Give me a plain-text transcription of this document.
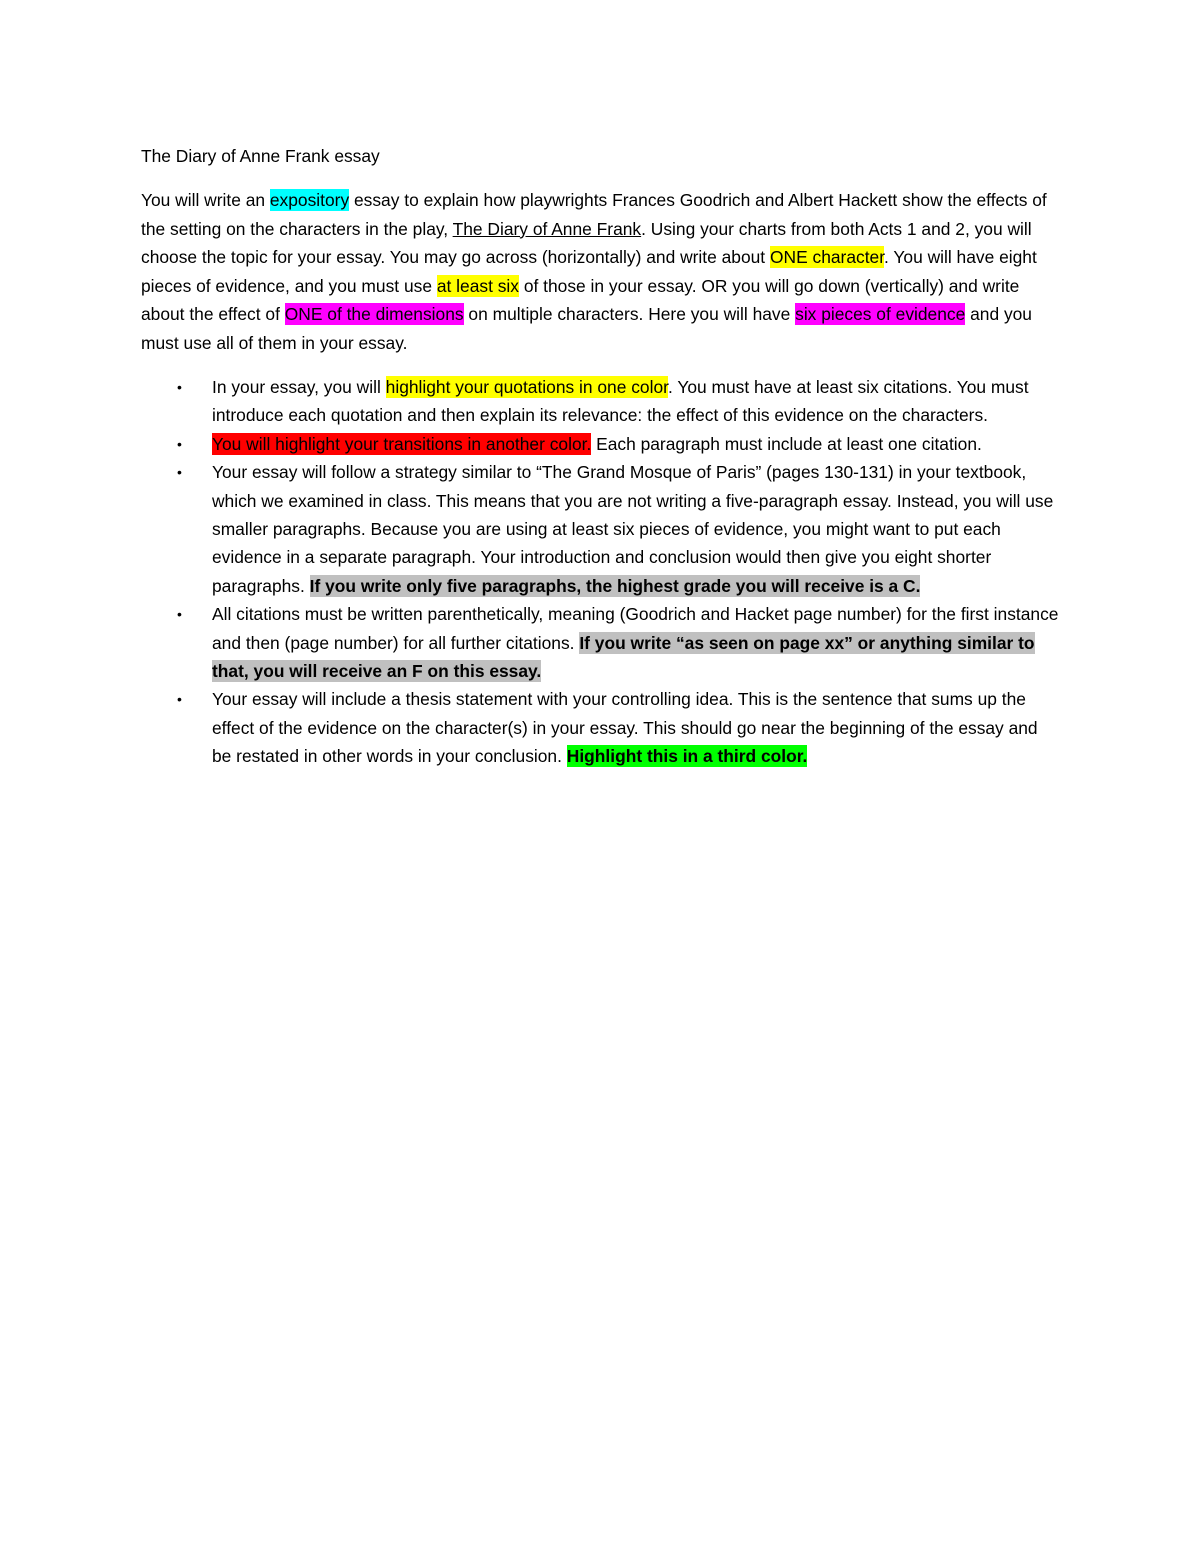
The Diary of Anne Frank essay

You will write an expository essay to explain how playwrights Frances Goodrich and Albert Hackett show the effects of the setting on the characters in the play, The Diary of Anne Frank. Using your charts from both Acts 1 and 2, you will choose the topic for your essay. You may go across (horizontally) and write about ONE character. You will have eight pieces of evidence, and you must use at least six of those in your essay. OR you will go down (vertically) and write about the effect of ONE of the dimensions on multiple characters. Here you will have six pieces of evidence and you must use all of them in your essay.

• In your essay, you will highlight your quotations in one color. You must have at least six citations. You must introduce each quotation and then explain its relevance: the effect of this evidence on the characters.
• You will highlight your transitions in another color. Each paragraph must include at least one citation.
• Your essay will follow a strategy similar to “The Grand Mosque of Paris” (pages 130-131) in your textbook, which we examined in class. This means that you are not writing a five-paragraph essay. Instead, you will use smaller paragraphs. Because you are using at least six pieces of evidence, you might want to put each evidence in a separate paragraph. Your introduction and conclusion would then give you eight shorter paragraphs. If you write only five paragraphs, the highest grade you will receive is a C.
• All citations must be written parenthetically, meaning (Goodrich and Hacket page number) for the first instance and then (page number) for all further citations. If you write “as seen on page xx” or anything similar to that, you will receive an F on this essay.
• Your essay will include a thesis statement with your controlling idea. This is the sentence that sums up the effect of the evidence on the character(s) in your essay. This should go near the beginning of the essay and be restated in other words in your conclusion. Highlight this in a third color.
